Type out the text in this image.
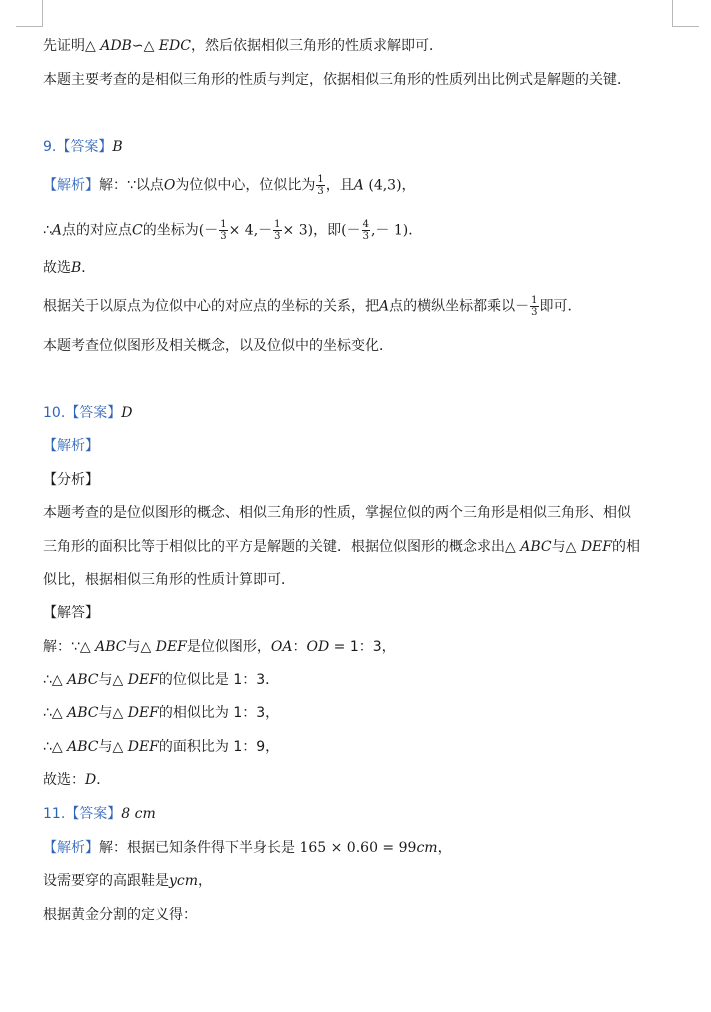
先证明△ ADB∽△ EDC，然后依据相似三角形的性质求解即可．
本题主要考查的是相似三角形的性质与判定，依据相似三角形的性质列出比例式是解题的关键．
9.【答案】B
【解析】解：∵以点O为位似中心，位似比为 $\frac{1}{3}$ ，且A (4,3)，
∴A点的对应点C的坐标为(－ $\frac{1}{3} \times 4,- \frac{1}{3} \times 3$)，即(－ $\frac{4}{3}$ ,－ 1)．
故选B．
根据关于以原点为位似中心的对应点的坐标的关系，把A点的横纵坐标都乘以－ $\frac{1}{3}$ 即可．
本题考查位似图形及相关概念，以及位似中的坐标变化．
10.【答案】D
【解析】
【分析】
本题考查的是位似图形的概念、相似三角形的性质，掌握位似的两个三角形是相似三角形、相似
三角形的面积比等于相似比的平方是解题的关键．根据位似图形的概念求出△ ABC与△ DEF的相
似比，根据相似三角形的性质计算即可．
【解答】
解：∵△ ABC与△ DEF是位似图形，OA：OD = 1：3，
∴△ ABC与△ DEF的位似比是 1：3．
∴△ ABC与△ DEF的相似比为 1：3，
∴△ ABC与△ DEF的面积比为 1：9，
故选：D．
11.【答案】8 cm
【解析】解：根据已知条件得下半身长是 165 × 0.60 = 99cm，
设需要穿的高跟鞋是ycm，
根据黄金分割的定义得：
